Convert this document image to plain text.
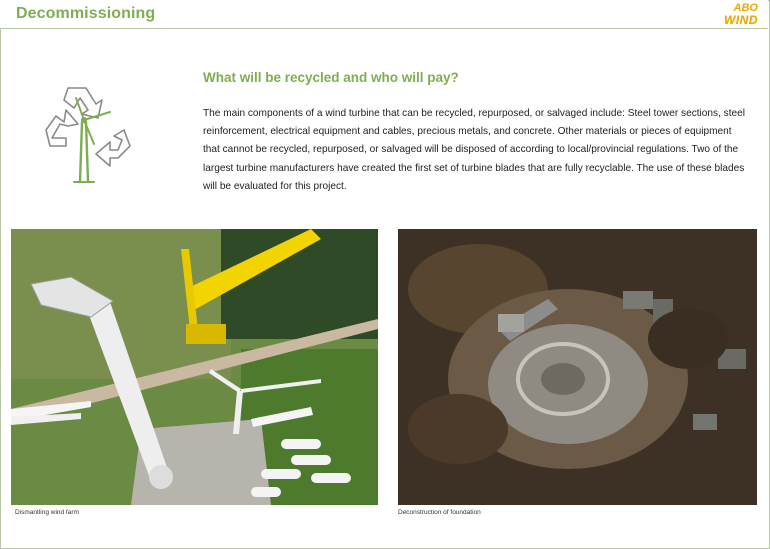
Decommissioning	ABO
WIND
What will be recycled and who will pay?
The main components of a wind turbine that can be recycled, repurposed, or salvaged include: Steel tower sections, steel reinforcement, electrical equipment and cables, precious metals, and concrete. Other materials or pieces of equipment that cannot be recycled, repurposed, or salvaged will be disposed of according to local/provincial regulations. Two of the largest turbine manufacturers have created the first set of turbine blades that are fully recyclable. The use of these blades will be evaluated for this project.
Dismantling wind farm	Deconstruction of foundation
